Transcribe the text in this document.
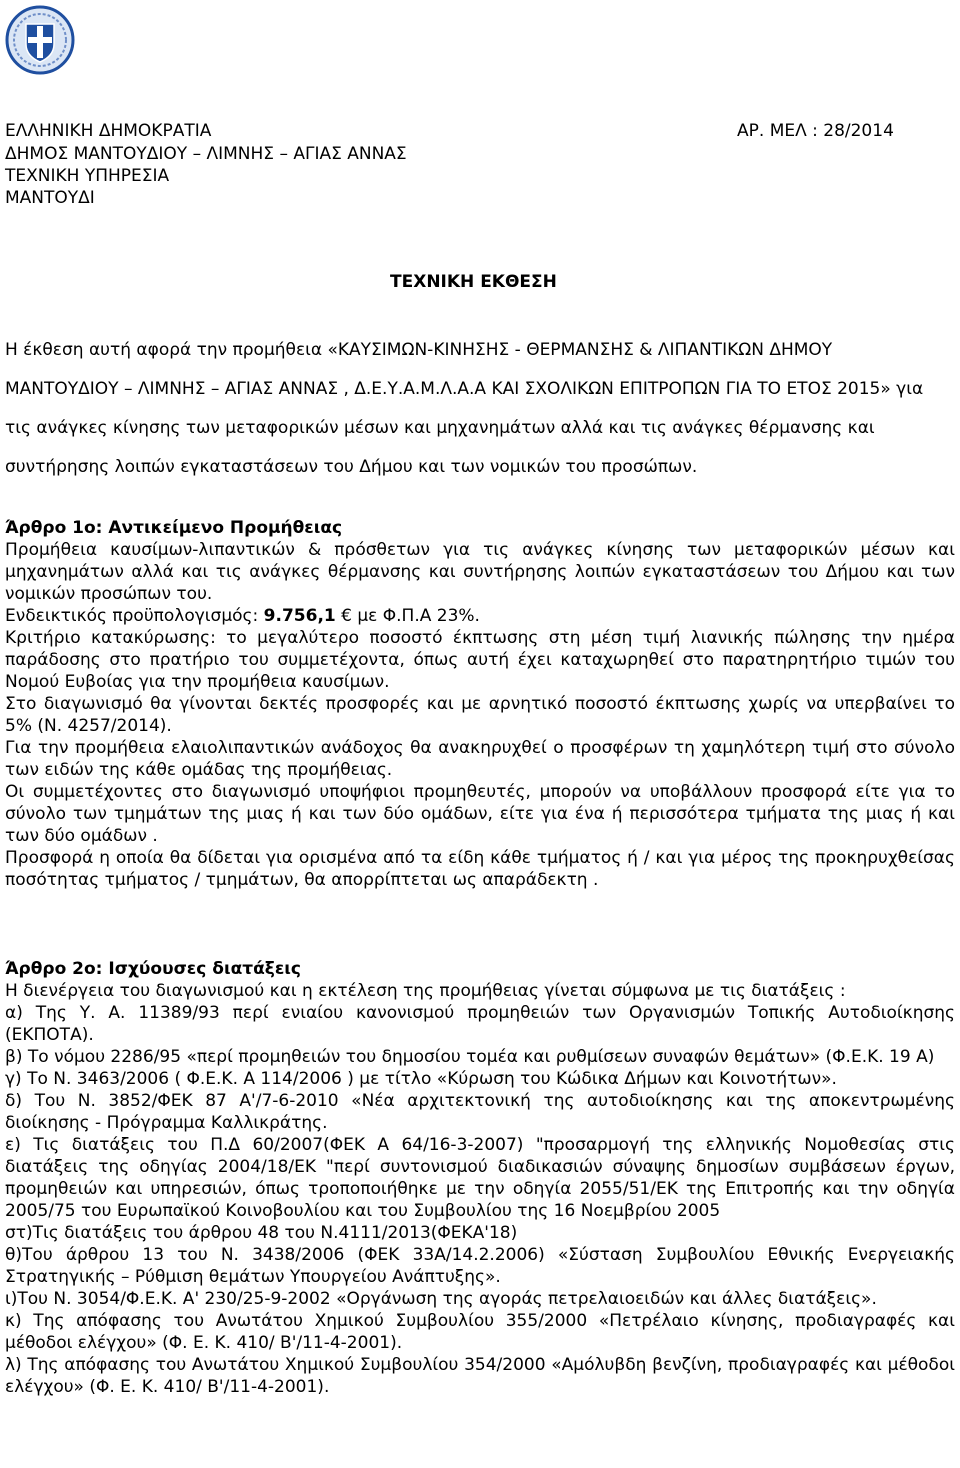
ΕΛΛΗΝΙΚΗ ΔΗΜΟΚΡΑΤΙΑ	ΑΡ. ΜΕΛ : 28/2014
ΔΗΜΟΣ ΜΑΝΤΟΥΔΙΟΥ – ΛΙΜΝΗΣ – ΑΓΙΑΣ ΑΝΝΑΣ
ΤΕΧΝΙΚΗ ΥΠΗΡΕΣΙΑ
ΜΑΝΤΟΥΔΙ
ΤΕΧΝΙΚΗ ΕΚΘΕΣΗ

Η έκθεση αυτή αφορά την προμήθεια «ΚΑΥΣΙΜΩΝ-ΚΙΝΗΣΗΣ - ΘΕΡΜΑΝΣΗΣ & ΛΙΠΑΝΤΙΚΩΝ ΔΗΜΟΥ

ΜΑΝΤΟΥΔΙΟΥ – ΛΙΜΝΗΣ – ΑΓΙΑΣ ΑΝΝΑΣ , Δ.Ε.Υ.Α.Μ.Λ.Α.Α ΚΑΙ ΣΧΟΛΙΚΩΝ ΕΠΙΤΡΟΠΩΝ ΓΙΑ ΤΟ ΕΤΟΣ 2015» για

τις ανάγκες κίνησης των μεταφορικών μέσων και μηχανημάτων αλλά και τις ανάγκες θέρμανσης και

συντήρησης λοιπών εγκαταστάσεων του Δήμου και των νομικών του προσώπων.

Άρθρο 1ο: Αντικείμενο Προμήθειας

Προμήθεια καυσίμων-λιπαντικών & πρόσθετων για τις ανάγκες κίνησης των μεταφορικών μέσων και μηχανημάτων αλλά και τις ανάγκες θέρμανσης και συντήρησης λοιπών εγκαταστάσεων του Δήμου και των νομικών προσώπων του.

Ενδεικτικός προϋπολογισμός: 9.756,1 € με Φ.Π.Α 23%.

Κριτήριο κατακύρωσης: το μεγαλύτερο ποσοστό έκπτωσης στη μέση τιμή λιανικής πώλησης την ημέρα παράδοσης στο πρατήριο του συμμετέχοντα, όπως αυτή έχει καταχωρηθεί στο παρατηρητήριο τιμών του Νομού Ευβοίας για την προμήθεια καυσίμων.

Στο διαγωνισμό θα γίνονται δεκτές προσφορές και με αρνητικό ποσοστό έκπτωσης χωρίς να υπερβαίνει το 5% (Ν. 4257/2014).

Για την προμήθεια ελαιολιπαντικών ανάδοχος θα ανακηρυχθεί ο προσφέρων τη χαμηλότερη τιμή στο σύνολο των ειδών της κάθε ομάδας της προμήθειας.

Οι συμμετέχοντες στο διαγωνισμό υποψήφιοι προμηθευτές, μπορούν να υποβάλλουν προσφορά είτε για το σύνολο των τμημάτων της μιας ή και των δύο ομάδων, είτε για ένα ή περισσότερα τμήματα της μιας ή και των δύο ομάδων .

Προσφορά η οποία θα δίδεται για ορισμένα από τα είδη κάθε τμήματος ή / και για μέρος της προκηρυχθείσας ποσότητας τμήματος / τμημάτων, θα απορρίπτεται ως απαράδεκτη .

Άρθρο 2ο: Ισχύουσες διατάξεις

Η διενέργεια του διαγωνισμού και η εκτέλεση της προμήθειας γίνεται σύμφωνα με τις διατάξεις :

α) Της Υ. Α. 11389/93 περί ενιαίου κανονισμού προμηθειών των Οργανισμών Τοπικής Αυτοδιοίκησης (ΕΚΠΟΤΑ).

β) Το νόμου 2286/95 «περί προμηθειών του δημοσίου τομέα και ρυθμίσεων συναφών θεμάτων» (Φ.Ε.Κ. 19 Α)

γ) Το Ν. 3463/2006 ( Φ.Ε.Κ. Α 114/2006 ) με τίτλο «Κύρωση του Κώδικα Δήμων και Κοινοτήτων».

δ) Του Ν. 3852/ΦΕΚ 87 Α'/7-6-2010 «Νέα αρχιτεκτονική της αυτοδιοίκησης και της αποκεντρωμένης διοίκησης - Πρόγραμμα Καλλικράτης.

ε) Τις διατάξεις του Π.Δ 60/2007(ΦΕΚ Α 64/16-3-2007) "προσαρμογή της ελληνικής Νομοθεσίας στις διατάξεις της οδηγίας 2004/18/ΕΚ "περί συντονισμού διαδικασιών σύναψης δημοσίων συμβάσεων έργων, προμηθειών και υπηρεσιών, όπως τροποποιήθηκε με την οδηγία 2055/51/ΕΚ της Επιτροπής και την οδηγία 2005/75 του Ευρωπαϊκού Κοινοβουλίου και του Συμβουλίου της 16 Νοεμβρίου 2005

στ)Τις διατάξεις του άρθρου 48 του Ν.4111/2013(ΦΕΚΑ'18)

θ)Του άρθρου 13 του Ν. 3438/2006 (ΦΕΚ 33Α/14.2.2006) «Σύσταση Συμβουλίου Εθνικής Ενεργειακής Στρατηγικής – Ρύθμιση θεμάτων Υπουργείου Ανάπτυξης».

ι)Του Ν. 3054/Φ.Ε.Κ. Α' 230/25-9-2002 «Οργάνωση της αγοράς πετρελαιοειδών και άλλες διατάξεις».

κ) Της απόφασης του Ανωτάτου Χημικού Συμβουλίου 355/2000 «Πετρέλαιο κίνησης, προδιαγραφές και μέθοδοι ελέγχου» (Φ. Ε. Κ. 410/ Β'/11-4-2001).

λ) Της απόφασης του Ανωτάτου Χημικού Συμβουλίου 354/2000 «Αμόλυβδη βενζίνη, προδιαγραφές και μέθοδοι ελέγχου» (Φ. Ε. Κ. 410/ Β'/11-4-2001).
